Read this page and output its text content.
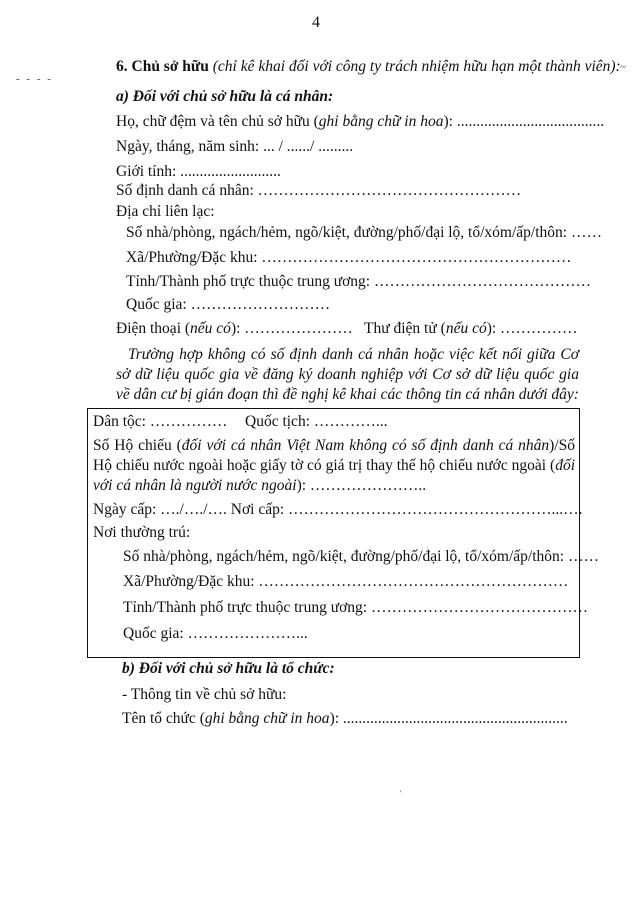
4
- - - -
~
6. Chủ sở hữu (chỉ kê khai đối với công ty trách nhiệm hữu hạn một thành viên):
a) Đối với chủ sở hữu là cá nhân:
Họ, chữ đệm và tên chủ sở hữu (ghi bằng chữ in hoa): ......................................
Ngày, tháng, năm sinh: ... / ....../ .........
Giới tính: ..........................
Số định danh cá nhân: ……………………………………………
Địa chỉ liên lạc:
Số nhà/phòng, ngách/hẻm, ngõ/kiệt, đường/phố/đại lộ, tổ/xóm/ấp/thôn: ……
Xã/Phường/Đặc khu: ……………………………………………………
Tỉnh/Thành phố trực thuộc trung ương: ……………………………………
Quốc gia: ………………………
Điện thoại (nếu có): ………………… Thư điện tử (nếu có): ……………
Trường hợp không có số định danh cá nhân hoặc việc kết nối giữa Cơ sở dữ liệu quốc gia về đăng ký doanh nghiệp với Cơ sở dữ liệu quốc gia về dân cư bị gián đoạn thì đề nghị kê khai các thông tin cá nhân dưới đây:
Dân tộc: …………… Quốc tịch: …………...
Số Hộ chiếu (đối với cá nhân Việt Nam không có số định danh cá nhân)/Số Hộ chiếu nước ngoài hoặc giấy tờ có giá trị thay thế hộ chiếu nước ngoài (đối với cá nhân là người nước ngoài): …………………..
Ngày cấp: …./…./…. Nơi cấp: ……………………………………………...….
Nơi thường trú:
Số nhà/phòng, ngách/hẻm, ngõ/kiệt, đường/phố/đại lộ, tổ/xóm/ấp/thôn: ……
Xã/Phường/Đặc khu: ……………………………………………………
Tỉnh/Thành phố trực thuộc trung ương: ……………………………………
Quốc gia: …………………...
b) Đối với chủ sở hữu là tổ chức:
- Thông tin về chủ sở hữu:
Tên tổ chức (ghi bằng chữ in hoa): ..........................................................
'
